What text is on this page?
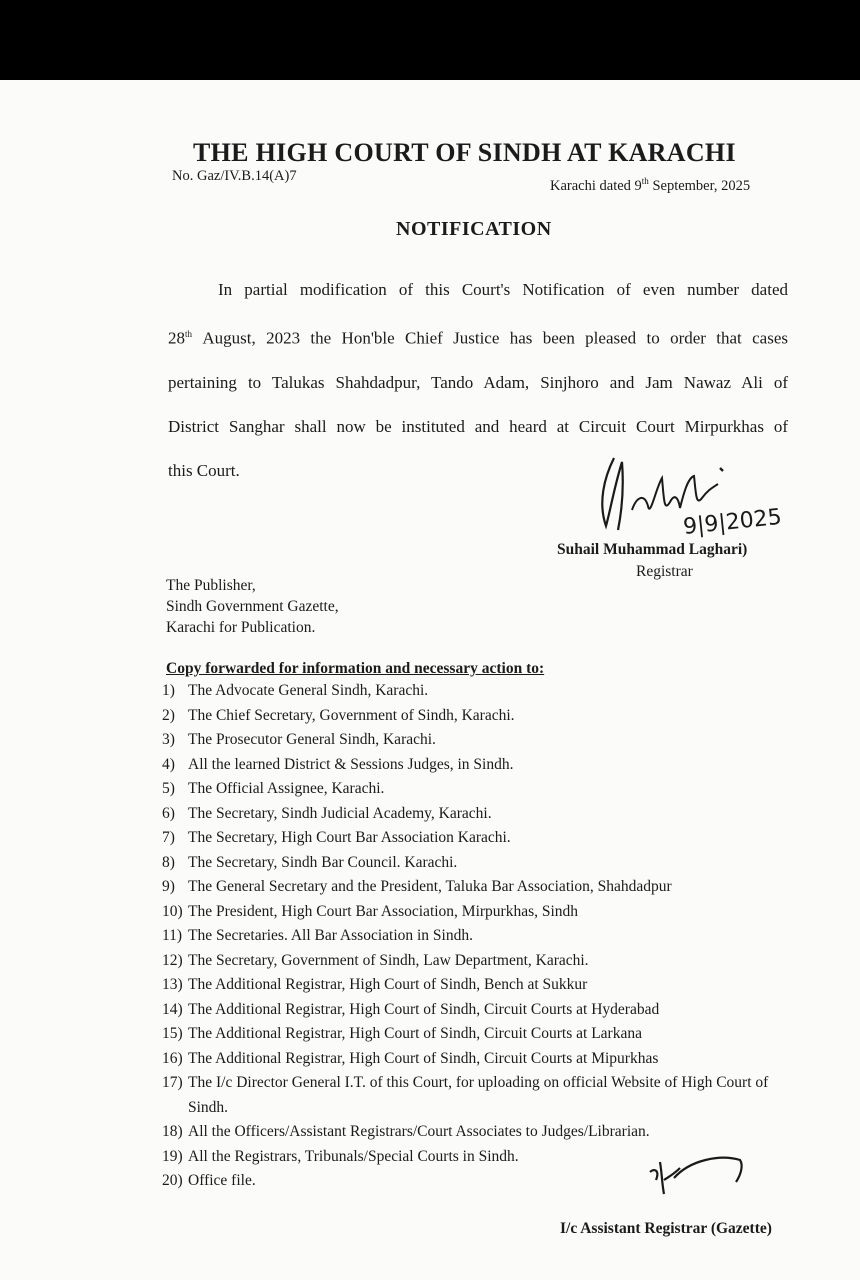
THE HIGH COURT OF SINDH AT KARACHI
No. Gaz/IV.B.14(A)7
Karachi dated 9th September, 2025
NOTIFICATION
In partial modification of this Court's Notification of even number dated
28th August, 2023 the Hon'ble Chief Justice has been pleased to order that cases
pertaining to Talukas Shahdadpur, Tando Adam, Sinjhoro and Jam Nawaz Ali of
District Sanghar shall now be instituted and heard at Circuit Court Mirpurkhas of
this Court.
9|9|2025
Suhail Muhammad Laghari)
Registrar
The Publisher,
Sindh Government Gazette,
Karachi for Publication.
Copy forwarded for information and necessary action to:
1) The Advocate General Sindh, Karachi.
2) The Chief Secretary, Government of Sindh, Karachi.
3) The Prosecutor General Sindh, Karachi.
4) All the learned District & Sessions Judges, in Sindh.
5) The Official Assignee, Karachi.
6) The Secretary, Sindh Judicial Academy, Karachi.
7) The Secretary, High Court Bar Association Karachi.
8) The Secretary, Sindh Bar Council. Karachi.
9) The General Secretary and the President, Taluka Bar Association, Shahdadpur
10) The President, High Court Bar Association, Mirpurkhas, Sindh
11) The Secretaries. All Bar Association in Sindh.
12) The Secretary, Government of Sindh, Law Department, Karachi.
13) The Additional Registrar, High Court of Sindh, Bench at Sukkur
14) The Additional Registrar, High Court of Sindh, Circuit Courts at Hyderabad
15) The Additional Registrar, High Court of Sindh, Circuit Courts at Larkana
16) The Additional Registrar, High Court of Sindh, Circuit Courts at Mipurkhas
17) The I/c Director General I.T. of this Court, for uploading on official Website of High Court of Sindh.
18) All the Officers/Assistant Registrars/Court Associates to Judges/Librarian.
19) All the Registrars, Tribunals/Special Courts in Sindh.
20) Office file.
I/c Assistant Registrar (Gazette)
